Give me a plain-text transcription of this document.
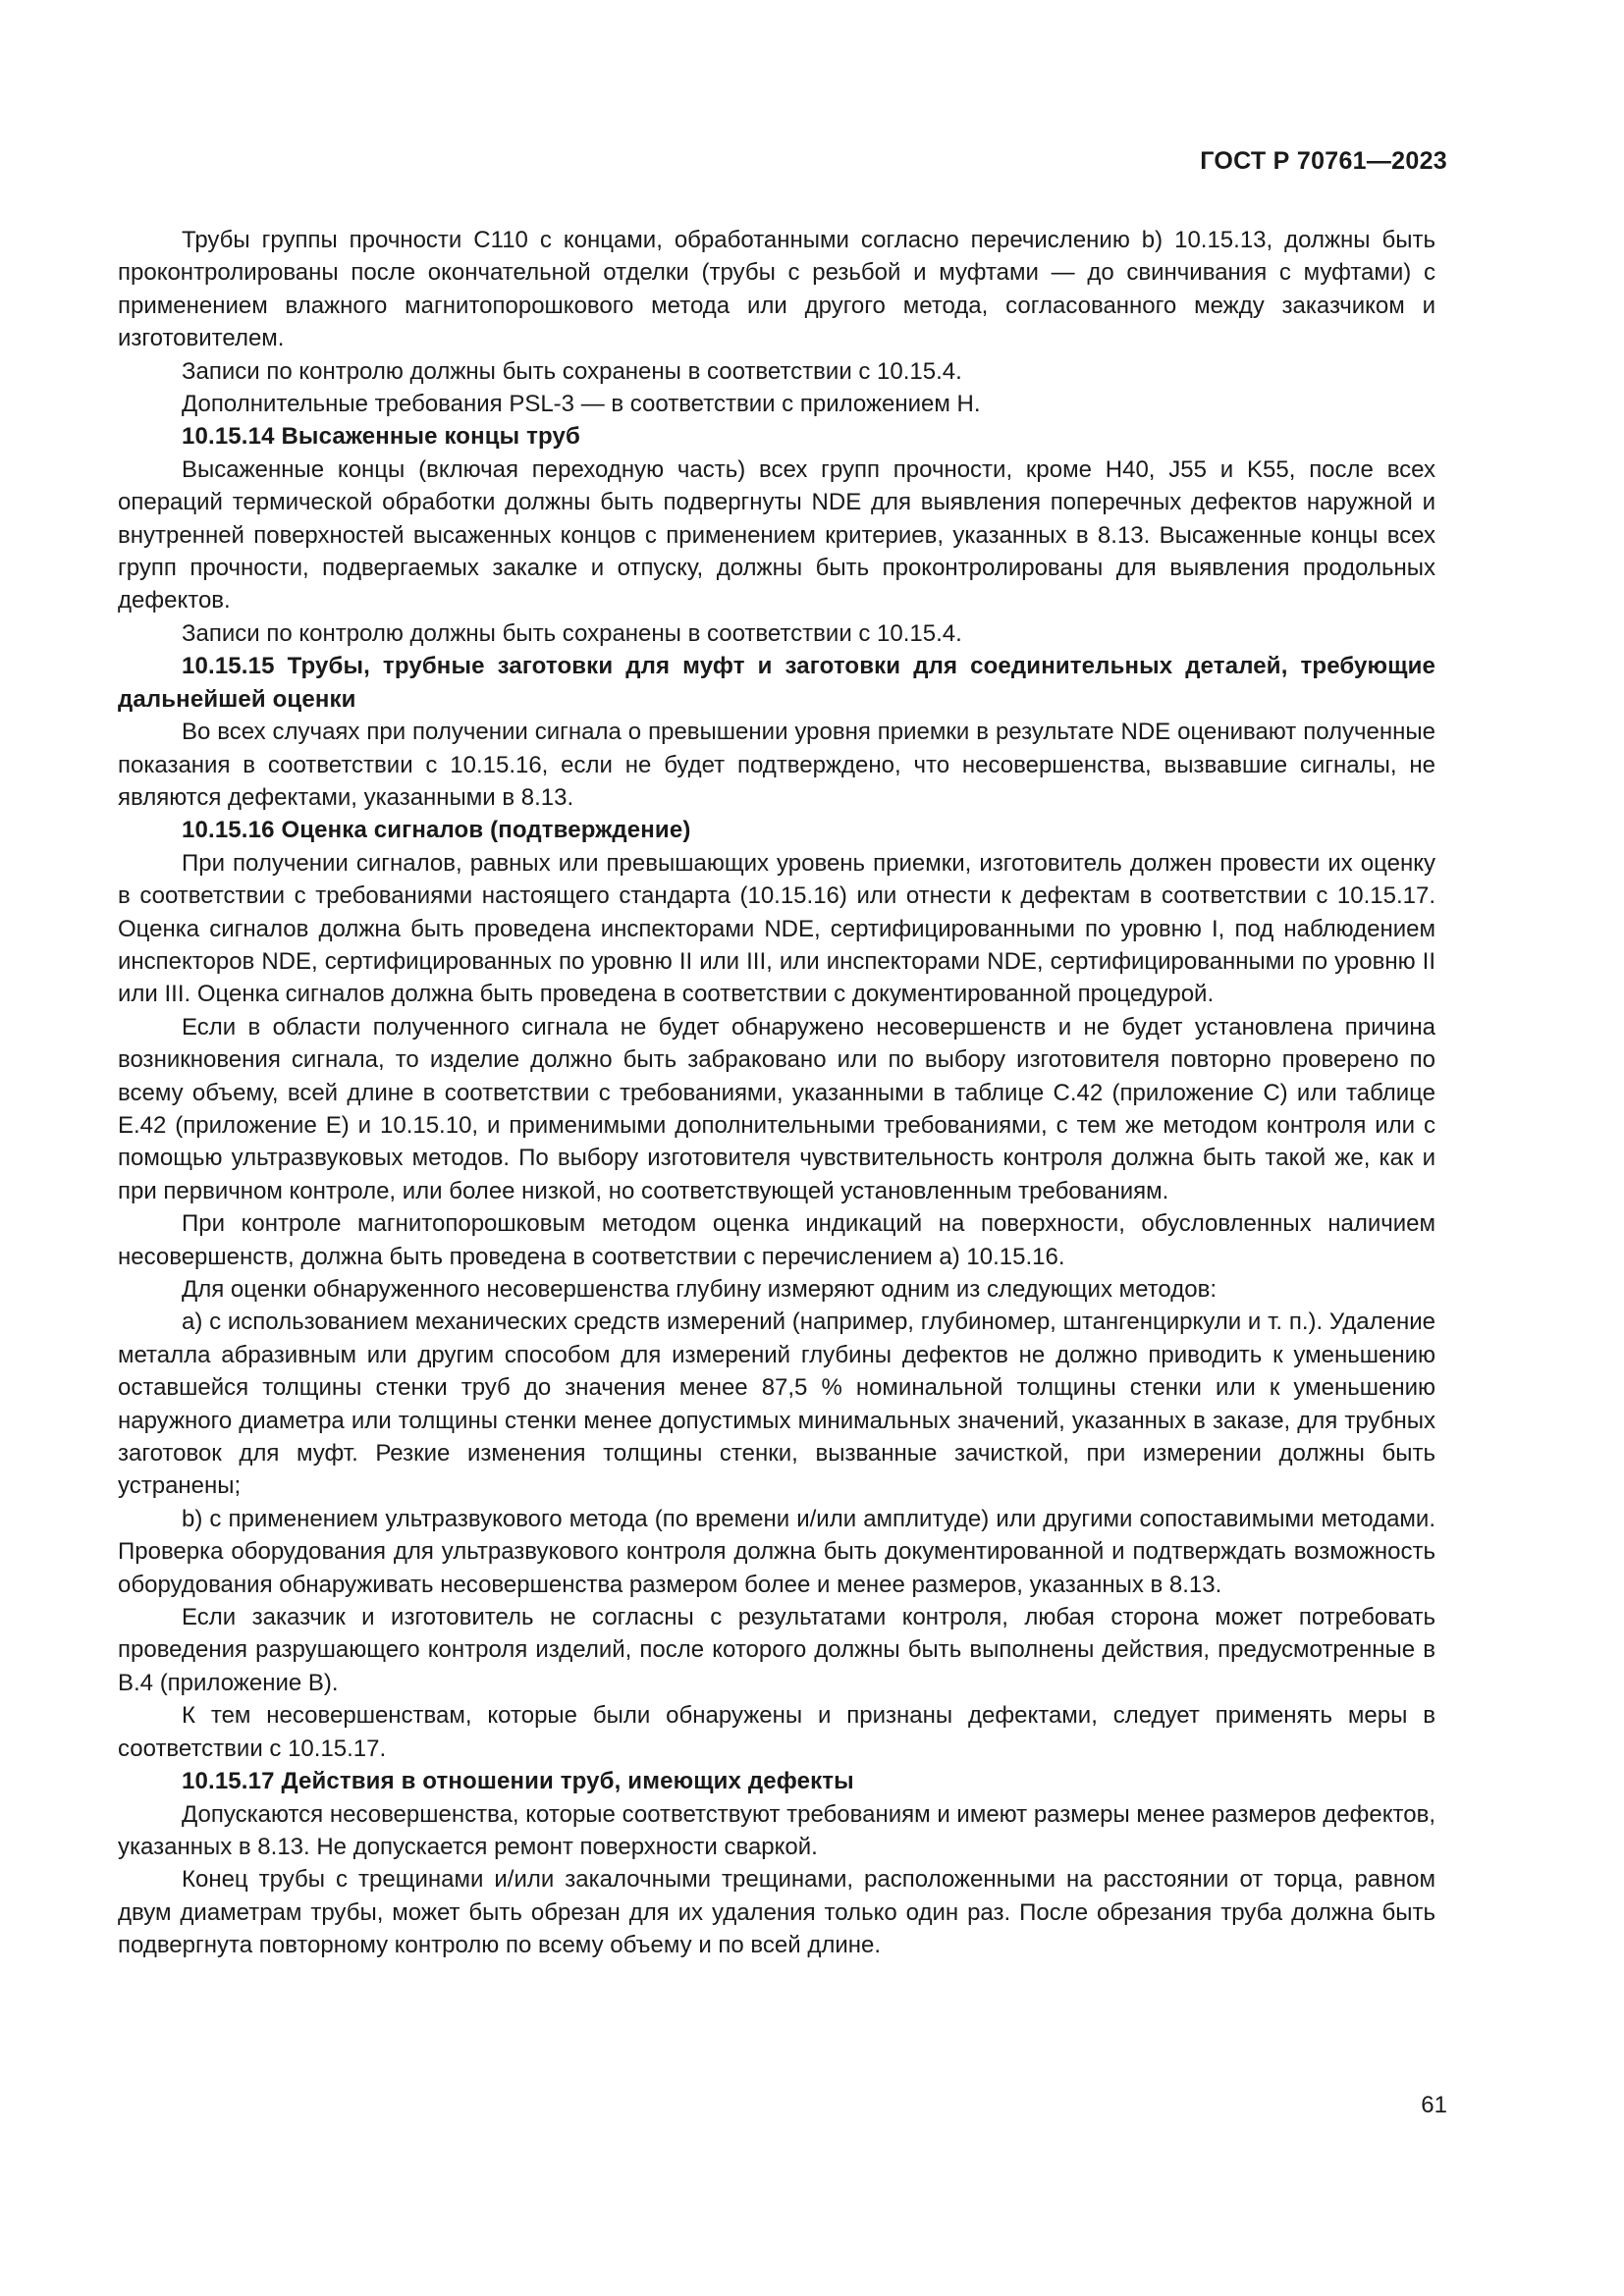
ГОСТ Р 70761—2023

Трубы группы прочности C110 с концами, обработанными согласно перечислению b) 10.15.13, должны быть проконтролированы после окончательной отделки (трубы с резьбой и муфтами — до свинчивания с муфтами) с применением влажного магнитопорошкового метода или другого метода, согласованного между заказчиком и изготовителем.

Записи по контролю должны быть сохранены в соответствии с 10.15.4.

Дополнительные требования PSL-3 — в соответствии с приложением Н.

10.15.14 Высаженные концы труб

Высаженные концы (включая переходную часть) всех групп прочности, кроме H40, J55 и K55, после всех операций термической обработки должны быть подвергнуты NDE для выявления поперечных дефектов наружной и внутренней поверхностей высаженных концов с применением критериев, указанных в 8.13. Высаженные концы всех групп прочности, подвергаемых закалке и отпуску, должны быть проконтролированы для выявления продольных дефектов.

Записи по контролю должны быть сохранены в соответствии с 10.15.4.

10.15.15 Трубы, трубные заготовки для муфт и заготовки для соединительных деталей, требующие дальнейшей оценки

Во всех случаях при получении сигнала о превышении уровня приемки в результате NDE оценивают полученные показания в соответствии с 10.15.16, если не будет подтверждено, что несовершенства, вызвавшие сигналы, не являются дефектами, указанными в 8.13.

10.15.16 Оценка сигналов (подтверждение)

При получении сигналов, равных или превышающих уровень приемки, изготовитель должен провести их оценку в соответствии с требованиями настоящего стандарта (10.15.16) или отнести к дефектам в соответствии с 10.15.17. Оценка сигналов должна быть проведена инспекторами NDE, сертифицированными по уровню I, под наблюдением инспекторов NDE, сертифицированных по уровню II или III, или инспекторами NDE, сертифицированными по уровню II или III. Оценка сигналов должна быть проведена в соответствии с документированной процедурой.

Если в области полученного сигнала не будет обнаружено несовершенств и не будет установлена причина возникновения сигнала, то изделие должно быть забраковано или по выбору изготовителя повторно проверено по всему объему, всей длине в соответствии с требованиями, указанными в таблице С.42 (приложение С) или таблице Е.42 (приложение Е) и 10.15.10, и применимыми дополнительными требованиями, с тем же методом контроля или с помощью ультразвуковых методов. По выбору изготовителя чувствительность контроля должна быть такой же, как и при первичном контроле, или более низкой, но соответствующей установленным требованиям.

При контроле магнитопорошковым методом оценка индикаций на поверхности, обусловленных наличием несовершенств, должна быть проведена в соответствии с перечислением а) 10.15.16.

Для оценки обнаруженного несовершенства глубину измеряют одним из следующих методов:

а) с использованием механических средств измерений (например, глубиномер, штангенциркули и т. п.). Удаление металла абразивным или другим способом для измерений глубины дефектов не должно приводить к уменьшению оставшейся толщины стенки труб до значения менее 87,5 % номинальной толщины стенки или к уменьшению наружного диаметра или толщины стенки менее допустимых минимальных значений, указанных в заказе, для трубных заготовок для муфт. Резкие изменения толщины стенки, вызванные зачисткой, при измерении должны быть устранены;

b) с применением ультразвукового метода (по времени и/или амплитуде) или другими сопоставимыми методами. Проверка оборудования для ультразвукового контроля должна быть документированной и подтверждать возможность оборудования обнаруживать несовершенства размером более и менее размеров, указанных в 8.13.

Если заказчик и изготовитель не согласны с результатами контроля, любая сторона может потребовать проведения разрушающего контроля изделий, после которого должны быть выполнены действия, предусмотренные в В.4 (приложение В).

К тем несовершенствам, которые были обнаружены и признаны дефектами, следует применять меры в соответствии с 10.15.17.

10.15.17 Действия в отношении труб, имеющих дефекты

Допускаются несовершенства, которые соответствуют требованиям и имеют размеры менее размеров дефектов, указанных в 8.13. Не допускается ремонт поверхности сваркой.

Конец трубы с трещинами и/или закалочными трещинами, расположенными на расстоянии от торца, равном двум диаметрам трубы, может быть обрезан для их удаления только один раз. После обрезания труба должна быть подвергнута повторному контролю по всему объему и по всей длине.

61
